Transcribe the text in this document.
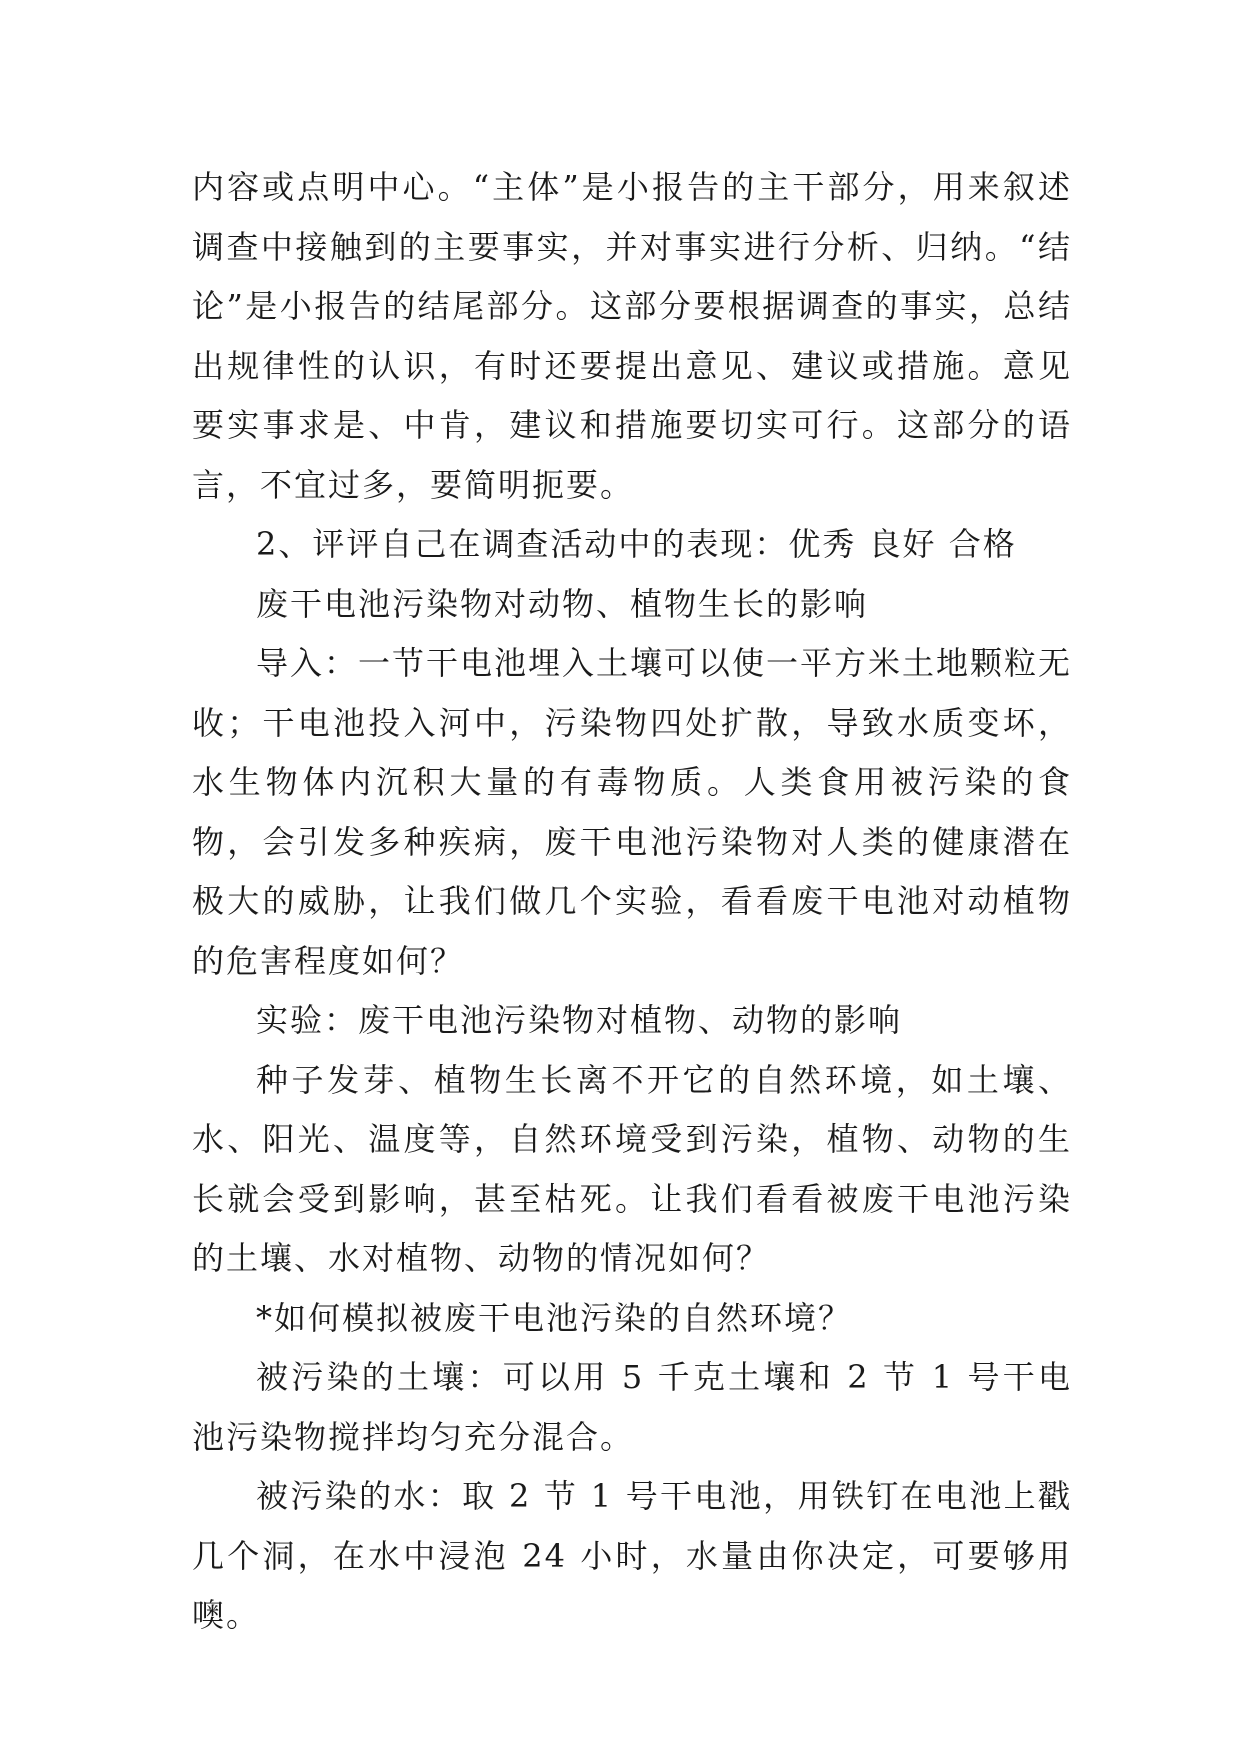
内容或点明中心。“主体”是小报告的主干部分，用来叙述调查中接触到的主要事实，并对事实进行分析、归纳。“结论”是小报告的结尾部分。这部分要根据调查的事实，总结出规律性的认识，有时还要提出意见、建议或措施。意见要实事求是、中肯，建议和措施要切实可行。这部分的语言，不宜过多，要简明扼要。

2、评评自己在调查活动中的表现：优秀 良好 合格

废干电池污染物对动物、植物生长的影响

导入：一节干电池埋入土壤可以使一平方米土地颗粒无收；干电池投入河中，污染物四处扩散，导致水质变坏，水生物体内沉积大量的有毒物质。人类食用被污染的食物，会引发多种疾病，废干电池污染物对人类的健康潜在极大的威胁，让我们做几个实验，看看废干电池对动植物的危害程度如何？

实验：废干电池污染物对植物、动物的影响

种子发芽、植物生长离不开它的自然环境，如土壤、水、阳光、温度等，自然环境受到污染，植物、动物的生长就会受到影响，甚至枯死。让我们看看被废干电池污染的土壤、水对植物、动物的情况如何？

*如何模拟被废干电池污染的自然环境？

被污染的土壤：可以用 5 千克土壤和 2 节 1 号干电池污染物搅拌均匀充分混合。

被污染的水：取 2 节 1 号干电池，用铁钉在电池上戳几个洞，在水中浸泡 24 小时，水量由你决定，可要够用噢。
